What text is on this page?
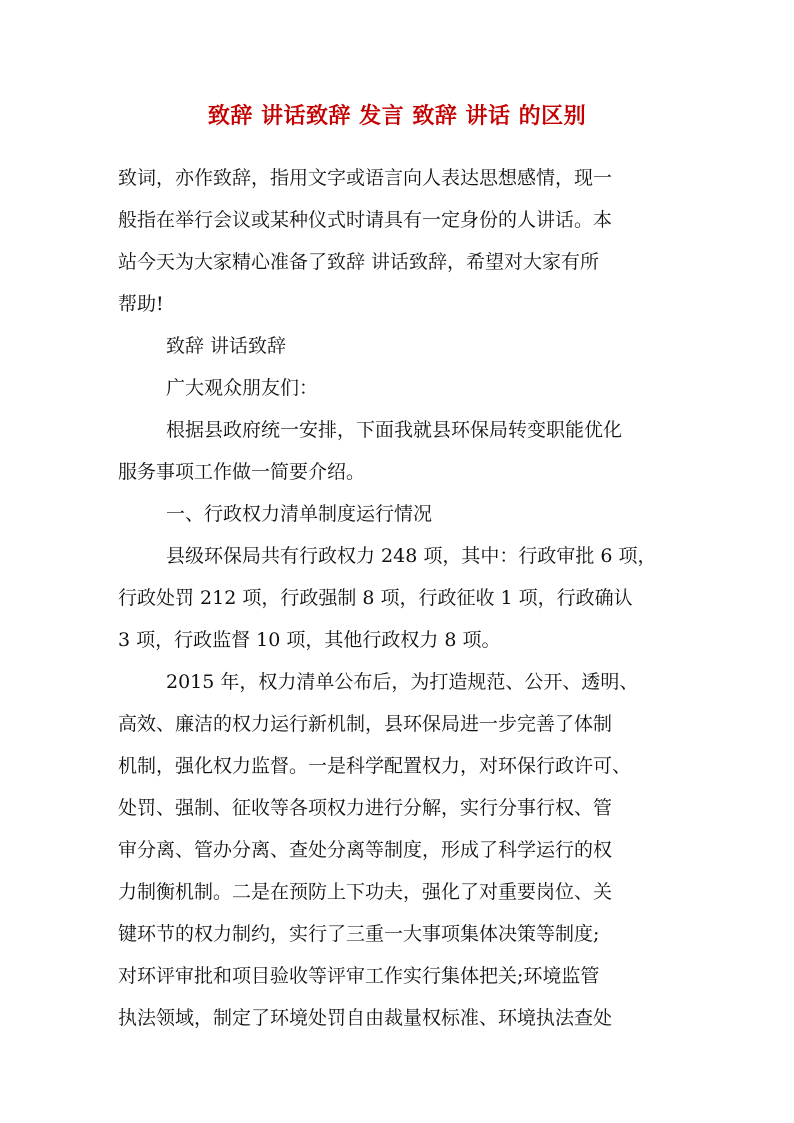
致辞 讲话致辞 发言 致辞 讲话 的区别
致词，亦作致辞，指用文字或语言向人表达思想感情，现一
般指在举行会议或某种仪式时请具有一定身份的人讲话。本
站今天为大家精心准备了致辞 讲话致辞，希望对大家有所
帮助!
致辞 讲话致辞
广大观众朋友们：
根据县政府统一安排，下面我就县环保局转变职能优化
服务事项工作做一简要介绍。
一、行政权力清单制度运行情况
县级环保局共有行政权力 248 项，其中：行政审批 6 项，
行政处罚 212 项，行政强制 8 项，行政征收 1 项，行政确认
3 项，行政监督 10 项，其他行政权力 8 项。
2015 年，权力清单公布后，为打造规范、公开、透明、
高效、廉洁的权力运行新机制，县环保局进一步完善了体制
机制，强化权力监督。一是科学配置权力，对环保行政许可、
处罚、强制、征收等各项权力进行分解，实行分事行权、管
审分离、管办分离、查处分离等制度，形成了科学运行的权
力制衡机制。二是在预防上下功夫，强化了对重要岗位、关
键环节的权力制约，实行了三重一大事项集体决策等制度;
对环评审批和项目验收等评审工作实行集体把关;环境监管
执法领域，制定了环境处罚自由裁量权标准、环境执法查处
